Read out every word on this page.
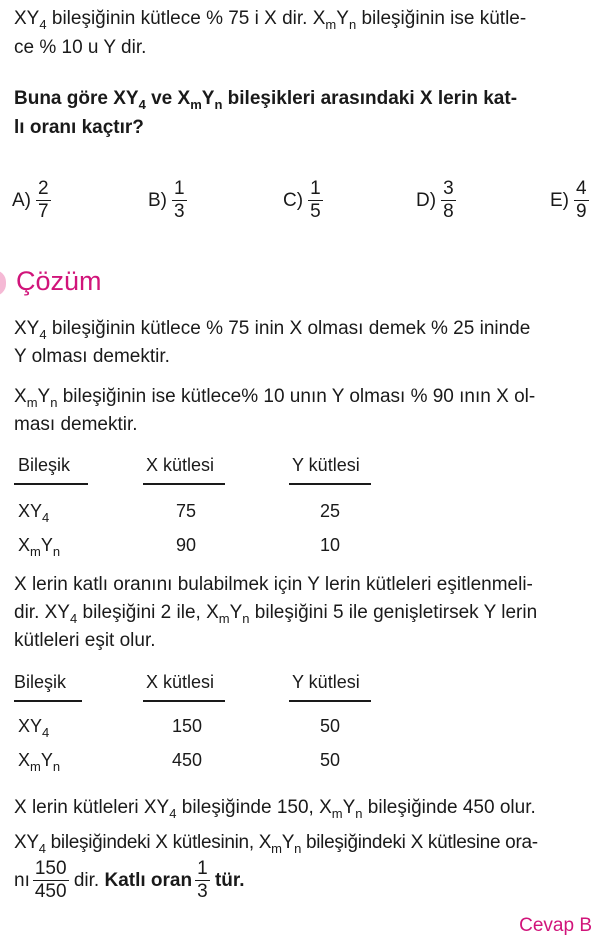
$XY_4$ bileşiğinin kütlece % 75 i X dir. $X_mY_n$ bileşiğinin ise kütle-
ce % 10 u Y dir.
Buna göre $XY_4$ ve $X_mY_n$ bileşikleri arasındaki X lerin kat-
lı oranı kaçtır?
$A) \frac{2}{7}$	$B) \frac{1}{3}$	$C) \frac{1}{5}$	$D) \frac{3}{8}$	$E) \frac{4}{9}$
Çözüm
$XY_4$ bileşiğinin kütlece % 75 inin X olması demek % 25 ininde
Y olması demektir.
$X_mY_n$ bileşiğinin ise kütlece% 10 unın Y olması % 90 ının X ol-
ması demektir.
Bileşik	X kütlesi	Y kütlesi
$XY_4$	75	25
$X_mY_n$	90	10
X lerin katlı oranını bulabilmek için Y lerin kütleleri eşitlenmeli-
dir. $XY_4$ bileşiğini 2 ile, $X_mY_n$ bileşiğini 5 ile genişletirsek Y lerin
kütleleri eşit olur.
Bileşik	X kütlesi	Y kütlesi
$XY_4$	150	50
$X_mY_n$	450	50
X lerin kütleleri $XY_4$ bileşiğinde 150, $X_mY_n$ bileşiğinde 450 olur.
$XY_4$ bileşiğindeki X kütlesinin, $X_mY_n$ bileşiğindeki X kütlesine ora-
nı $\frac{150}{450}$ dir. Katlı oran $\frac{1}{3}$ tür.
Cevap B
